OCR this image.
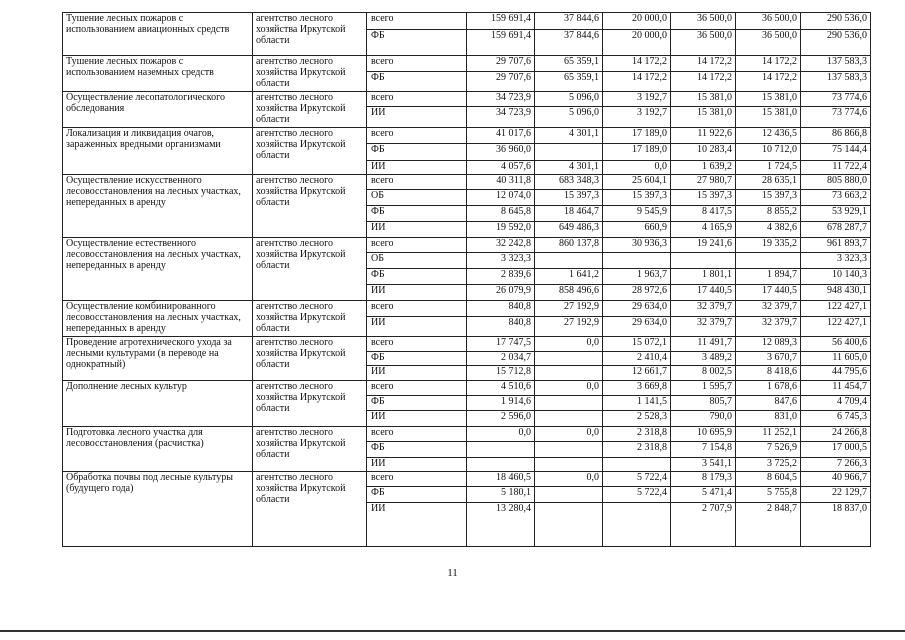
Тушение лесных пожаров с использованием авиационных средств	агентство лесного хозяйства Иркутской области	всего	159 691,4	37 844,6	20 000,0	36 500,0	36 500,0	290 536,0
		ФБ	159 691,4	37 844,6	20 000,0	36 500,0	36 500,0	290 536,0
Тушение лесных пожаров с использованием наземных средств	агентство лесного хозяйства Иркутской области	всего	29 707,6	65 359,1	14 172,2	14 172,2	14 172,2	137 583,3
		ФБ	29 707,6	65 359,1	14 172,2	14 172,2	14 172,2	137 583,3
Осуществление лесопатологического обследования	агентство лесного хозяйства Иркутской области	всего	34 723,9	5 096,0	3 192,7	15 381,0	15 381,0	73 774,6
		ИИ	34 723,9	5 096,0	3 192,7	15 381,0	15 381,0	73 774,6
Локализация и ликвидация очагов, зараженных вредными организмами	агентство лесного хозяйства Иркутской области	всего	41 017,6	4 301,1	17 189,0	11 922,6	12 436,5	86 866,8
		ФБ	36 960,0		17 189,0	10 283,4	10 712,0	75 144,4
		ИИ	4 057,6	4 301,1	0,0	1 639,2	1 724,5	11 722,4
Осуществление искусственного лесовосстановления на лесных участках, непереданных в аренду	агентство лесного хозяйства Иркутской области	всего	40 311,8	683 348,3	25 604,1	27 980,7	28 635,1	805 880,0
		ОБ	12 074,0	15 397,3	15 397,3	15 397,3	15 397,3	73 663,2
		ФБ	8 645,8	18 464,7	9 545,9	8 417,5	8 855,2	53 929,1
		ИИ	19 592,0	649 486,3	660,9	4 165,9	4 382,6	678 287,7
Осуществление естественного лесовосстановления на лесных участках, непереданных в аренду	агентство лесного хозяйства Иркутской области	всего	32 242,8	860 137,8	30 936,3	19 241,6	19 335,2	961 893,7
		ОБ	3 323,3					3 323,3
		ФБ	2 839,6	1 641,2	1 963,7	1 801,1	1 894,7	10 140,3
		ИИ	26 079,9	858 496,6	28 972,6	17 440,5	17 440,5	948 430,1
Осуществление комбинированного лесовосстановления на лесных участках, непереданных в аренду	агентство лесного хозяйства Иркутской области	всего	840,8	27 192,9	29 634,0	32 379,7	32 379,7	122 427,1
		ИИ	840,8	27 192,9	29 634,0	32 379,7	32 379,7	122 427,1
Проведение агротехнического ухода за лесными культурами (в переводе на однократный)	агентство лесного хозяйства Иркутской области	всего	17 747,5	0,0	15 072,1	11 491,7	12 089,3	56 400,6
		ФБ	2 034,7		2 410,4	3 489,2	3 670,7	11 605,0
		ИИ	15 712,8		12 661,7	8 002,5	8 418,6	44 795,6
Дополнение лесных культур	агентство лесного хозяйства Иркутской области	всего	4 510,6	0,0	3 669,8	1 595,7	1 678,6	11 454,7
		ФБ	1 914,6		1 141,5	805,7	847,6	4 709,4
		ИИ	2 596,0		2 528,3	790,0	831,0	6 745,3
Подготовка лесного участка для лесовосстановления (расчистка)	агентство лесного хозяйства Иркутской области	всего	0,0	0,0	2 318,8	10 695,9	11 252,1	24 266,8
		ФБ			2 318,8	7 154,8	7 526,9	17 000,5
		ИИ				3 541,1	3 725,2	7 266,3
Обработка почвы под лесные культуры (будущего года)	агентство лесного хозяйства Иркутской области	всего	18 460,5	0,0	5 722,4	8 179,3	8 604,5	40 966,7
		ФБ	5 180,1		5 722,4	5 471,4	5 755,8	22 129,7
		ИИ	13 280,4			2 707,9	2 848,7	18 837,0
11
